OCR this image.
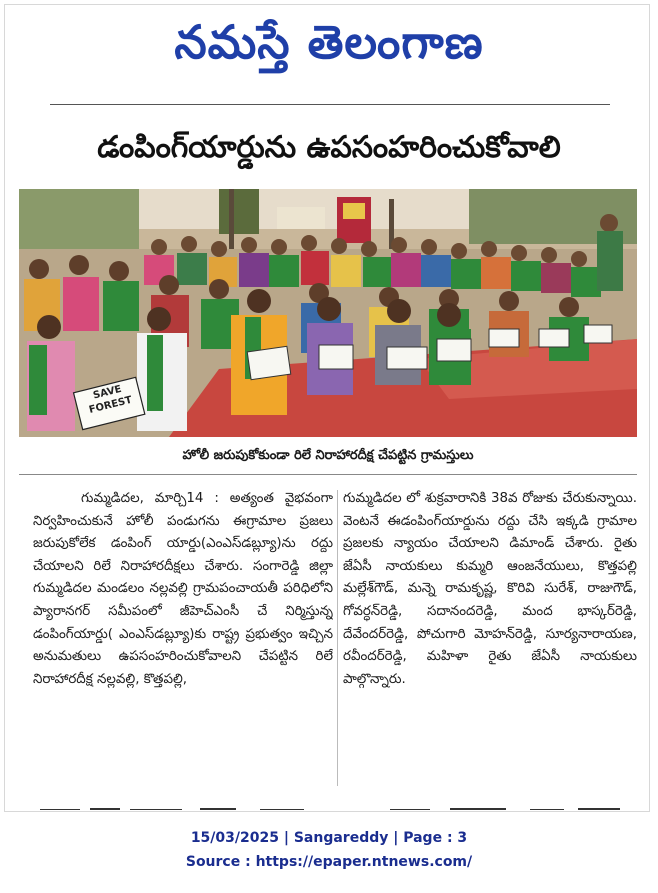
నమస్తే తెలంగాణ
డంపింగ్‌యార్డును ఉపసంహరించుకోవాలి
SAVE FOREST
హోలీ జరుపుకోకుండా రిలే నిరాహారదీక్ష చేపట్టిన గ్రామస్తులు

గుమ్మడిదల, మార్చి14 : అత్యంత వైభవంగా నిర్వహించుకునే హోలీ పండుగను ఈగ్రామాల ప్రజలు జరుపుకోలేక డంపింగ్ యార్డు(ఎంఎస్‌డబ్ల్యూ)ను రద్దు చేయాలని రిలే నిరాహారదీక్షలు చేశారు. సంగారెడ్డి జిల్లా గుమ్మడిదల మండలం నల్లవల్లి గ్రామపంచాయతీ పరిధిలోని ప్యారానగర్ సమీపంలో జీహెచ్‌ఎంసీ చే నిర్మిస్తున్న డంపింగ్‌యార్డు( ఎంఎస్‌డబ్ల్యూ)కు రాష్ట్ర ప్రభుత్వం ఇచ్చిన అనుమతులు ఉపసంహరించుకోవాలని చేపట్టిన రిలే నిరాహారదీక్ష నల్లవల్లి, కొత్తపల్లి,

గుమ్మడిదల లో శుక్రవారానికి 38వ రోజుకు చేరుకున్నాయి. వెంటనే ఈడంపింగ్‌యార్డును రద్దు చేసి ఇక్కడి గ్రామాల ప్రజలకు న్యాయం చేయాలని డిమాండ్ చేశారు. రైతు జేఏసీ నాయకులు కుమ్మరి ఆంజనేయులు, కొత్తపల్లి మల్లేశ్‌గౌడ్, మన్నె రామకృష్ణ, కొరివి సురేశ్, రాజుగౌడ్, గోవర్ధన్‌రెడ్డి, సదానందరెడ్డి, మంద భాస్కర్‌రెడ్డి, దేవేందర్‌రెడ్డి, పోచుగారి మోహన్‌రెడ్డి, సూర్యనారాయణ, రవీందర్‌రెడ్డి, మహిళా రైతు జేఏసీ నాయకులు పాల్గొన్నారు.

15/03/2025 | Sangareddy | Page : 3
Source : https://epaper.ntnews.com/
